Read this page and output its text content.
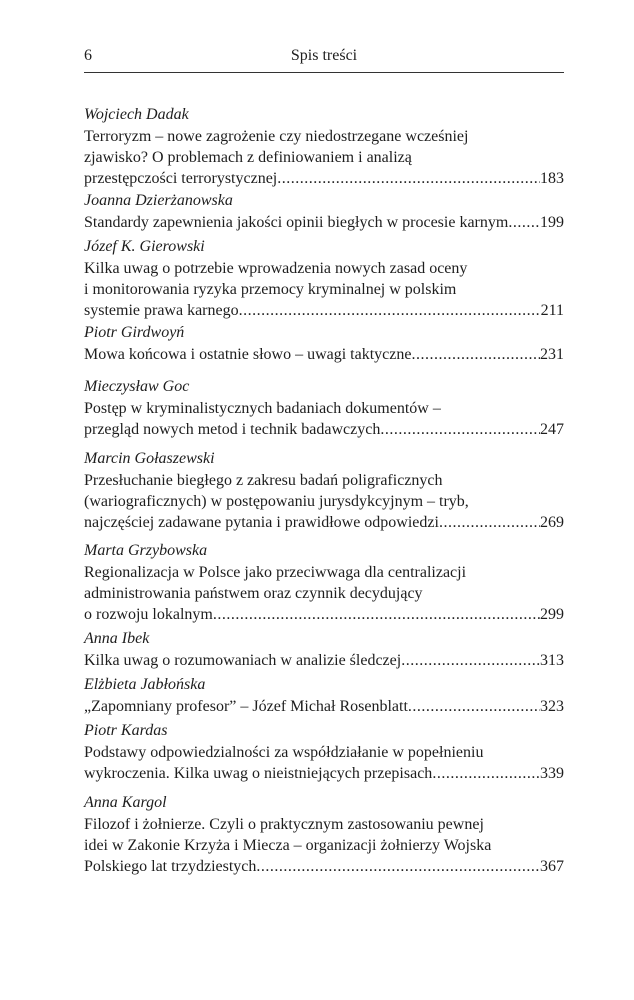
6	Spis treści
Wojciech Dadak
Terroryzm – nowe zagrożenie czy niedostrzegane wcześniej
zjawisko? O problemach z definiowaniem i analizą
przestępczości terrorystycznej .....	183
Joanna Dzierżanowska
Standardy zapewnienia jakości opinii biegłych w procesie karnym ..... 199
Józef K. Gierowski
Kilka uwag o potrzebie wprowadzenia nowych zasad oceny
i monitorowania ryzyka przemocy kryminalnej w polskim
systemie prawa karnego .....	211
Piotr Girdwoyń
Mowa końcowa i ostatnie słowo – uwagi taktyczne .....	231
Mieczysław Goc
Postęp w kryminalistycznych badaniach dokumentów –
przegląd nowych metod i technik badawczych .....	247
Marcin Gołaszewski
Przesłuchanie biegłego z zakresu badań poligraficznych
(wariograficznych) w postępowaniu jurysdykcyjnym – tryb,
najczęściej zadawane pytania i prawidłowe odpowiedzi .....	269
Marta Grzybowska
Regionalizacja w Polsce jako przeciwwaga dla centralizacji
administrowania państwem oraz czynnik decydujący
o rozwoju lokalnym .....	299
Anna Ibek
Kilka uwag o rozumowaniach w analizie śledczej .....	313
Elżbieta Jabłońska
„Zapomniany profesor” – Józef Michał Rosenblatt .....	323
Piotr Kardas
Podstawy odpowiedzialności za współdziałanie w popełnieniu
wykroczenia. Kilka uwag o nieistniejących przepisach .....	339
Anna Kargol
Filozof i żołnierze. Czyli o praktycznym zastosowaniu pewnej
idei w Zakonie Krzyża i Miecza – organizacji żołnierzy Wojska
Polskiego lat trzydziestych .....	367
